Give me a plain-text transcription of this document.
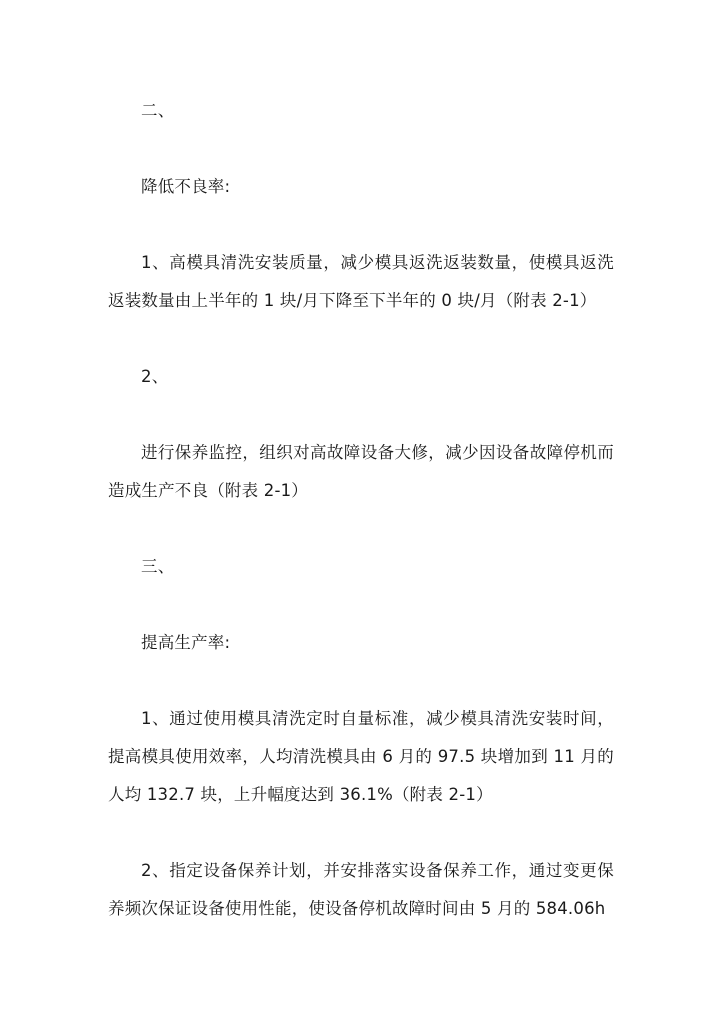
二、

降低不良率:

1、高模具清洗安装质量，减少模具返洗返装数量，使模具返洗返装数量由上半年的 1 块/月下降至下半年的 0 块/月（附表 2-1）

2、

进行保养监控，组织对高故障设备大修，减少因设备故障停机而造成生产不良（附表 2-1）

三、

提高生产率:

1、通过使用模具清洗定时自量标准，减少模具清洗安装时间，提高模具使用效率，人均清洗模具由 6 月的 97.5 块增加到 11 月的人均 132.7 块，上升幅度达到 36.1%（附表 2-1）

2、指定设备保养计划，并安排落实设备保养工作，通过变更保养频次保证设备使用性能，使设备停机故障时间由 5 月的 584.06h
